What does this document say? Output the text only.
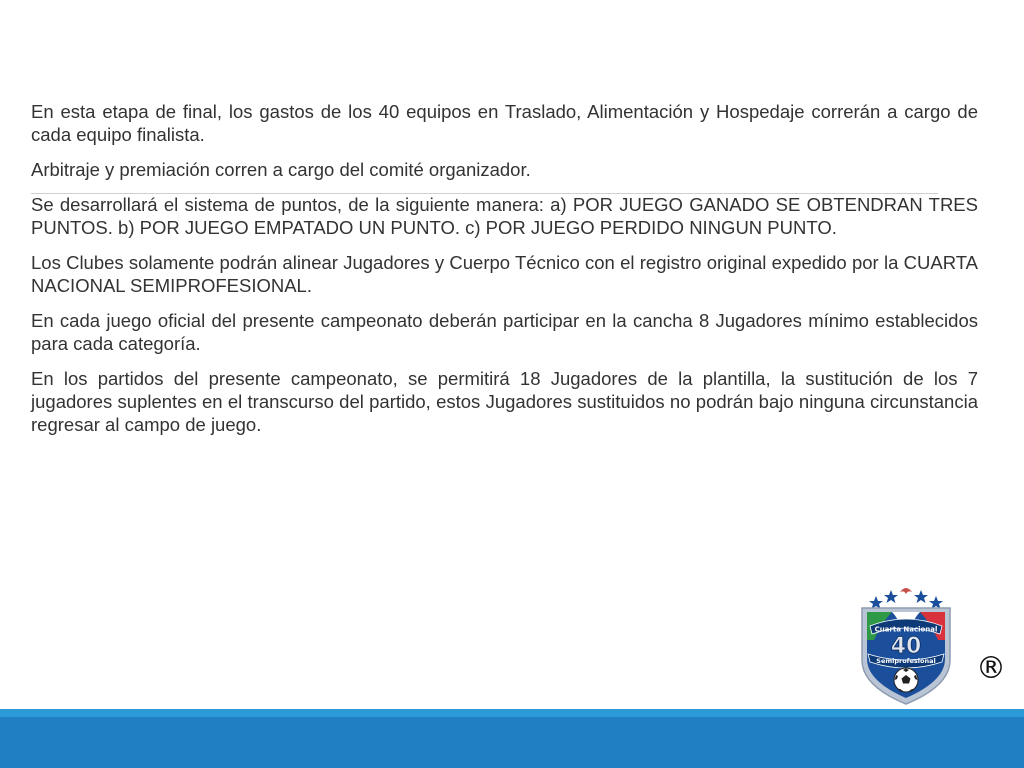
En esta etapa de final, los gastos de los 40 equipos en Traslado, Alimentación y Hospedaje correrán a cargo de cada equipo finalista.

Arbitraje y premiación corren a cargo del comité organizador.

Se desarrollará el sistema de puntos, de la siguiente manera: a) POR JUEGO GANADO SE OBTENDRAN TRES PUNTOS. b) POR JUEGO EMPATADO UN PUNTO. c) POR JUEGO PERDIDO NINGUN PUNTO.

Los Clubes solamente podrán alinear Jugadores y Cuerpo Técnico con el registro original expedido por la CUARTA NACIONAL SEMIPROFESIONAL.

En cada juego oficial del presente campeonato deberán participar en la cancha 8 Jugadores mínimo establecidos para cada categoría.

En los partidos del presente campeonato, se permitirá 18 Jugadores de la plantilla, la sustitución de los 7 jugadores suplentes en el transcurso del partido, estos Jugadores sustituidos no podrán bajo ninguna circunstancia regresar al campo de juego.

Cuarta Nacional
40
Semiprofesional ®
